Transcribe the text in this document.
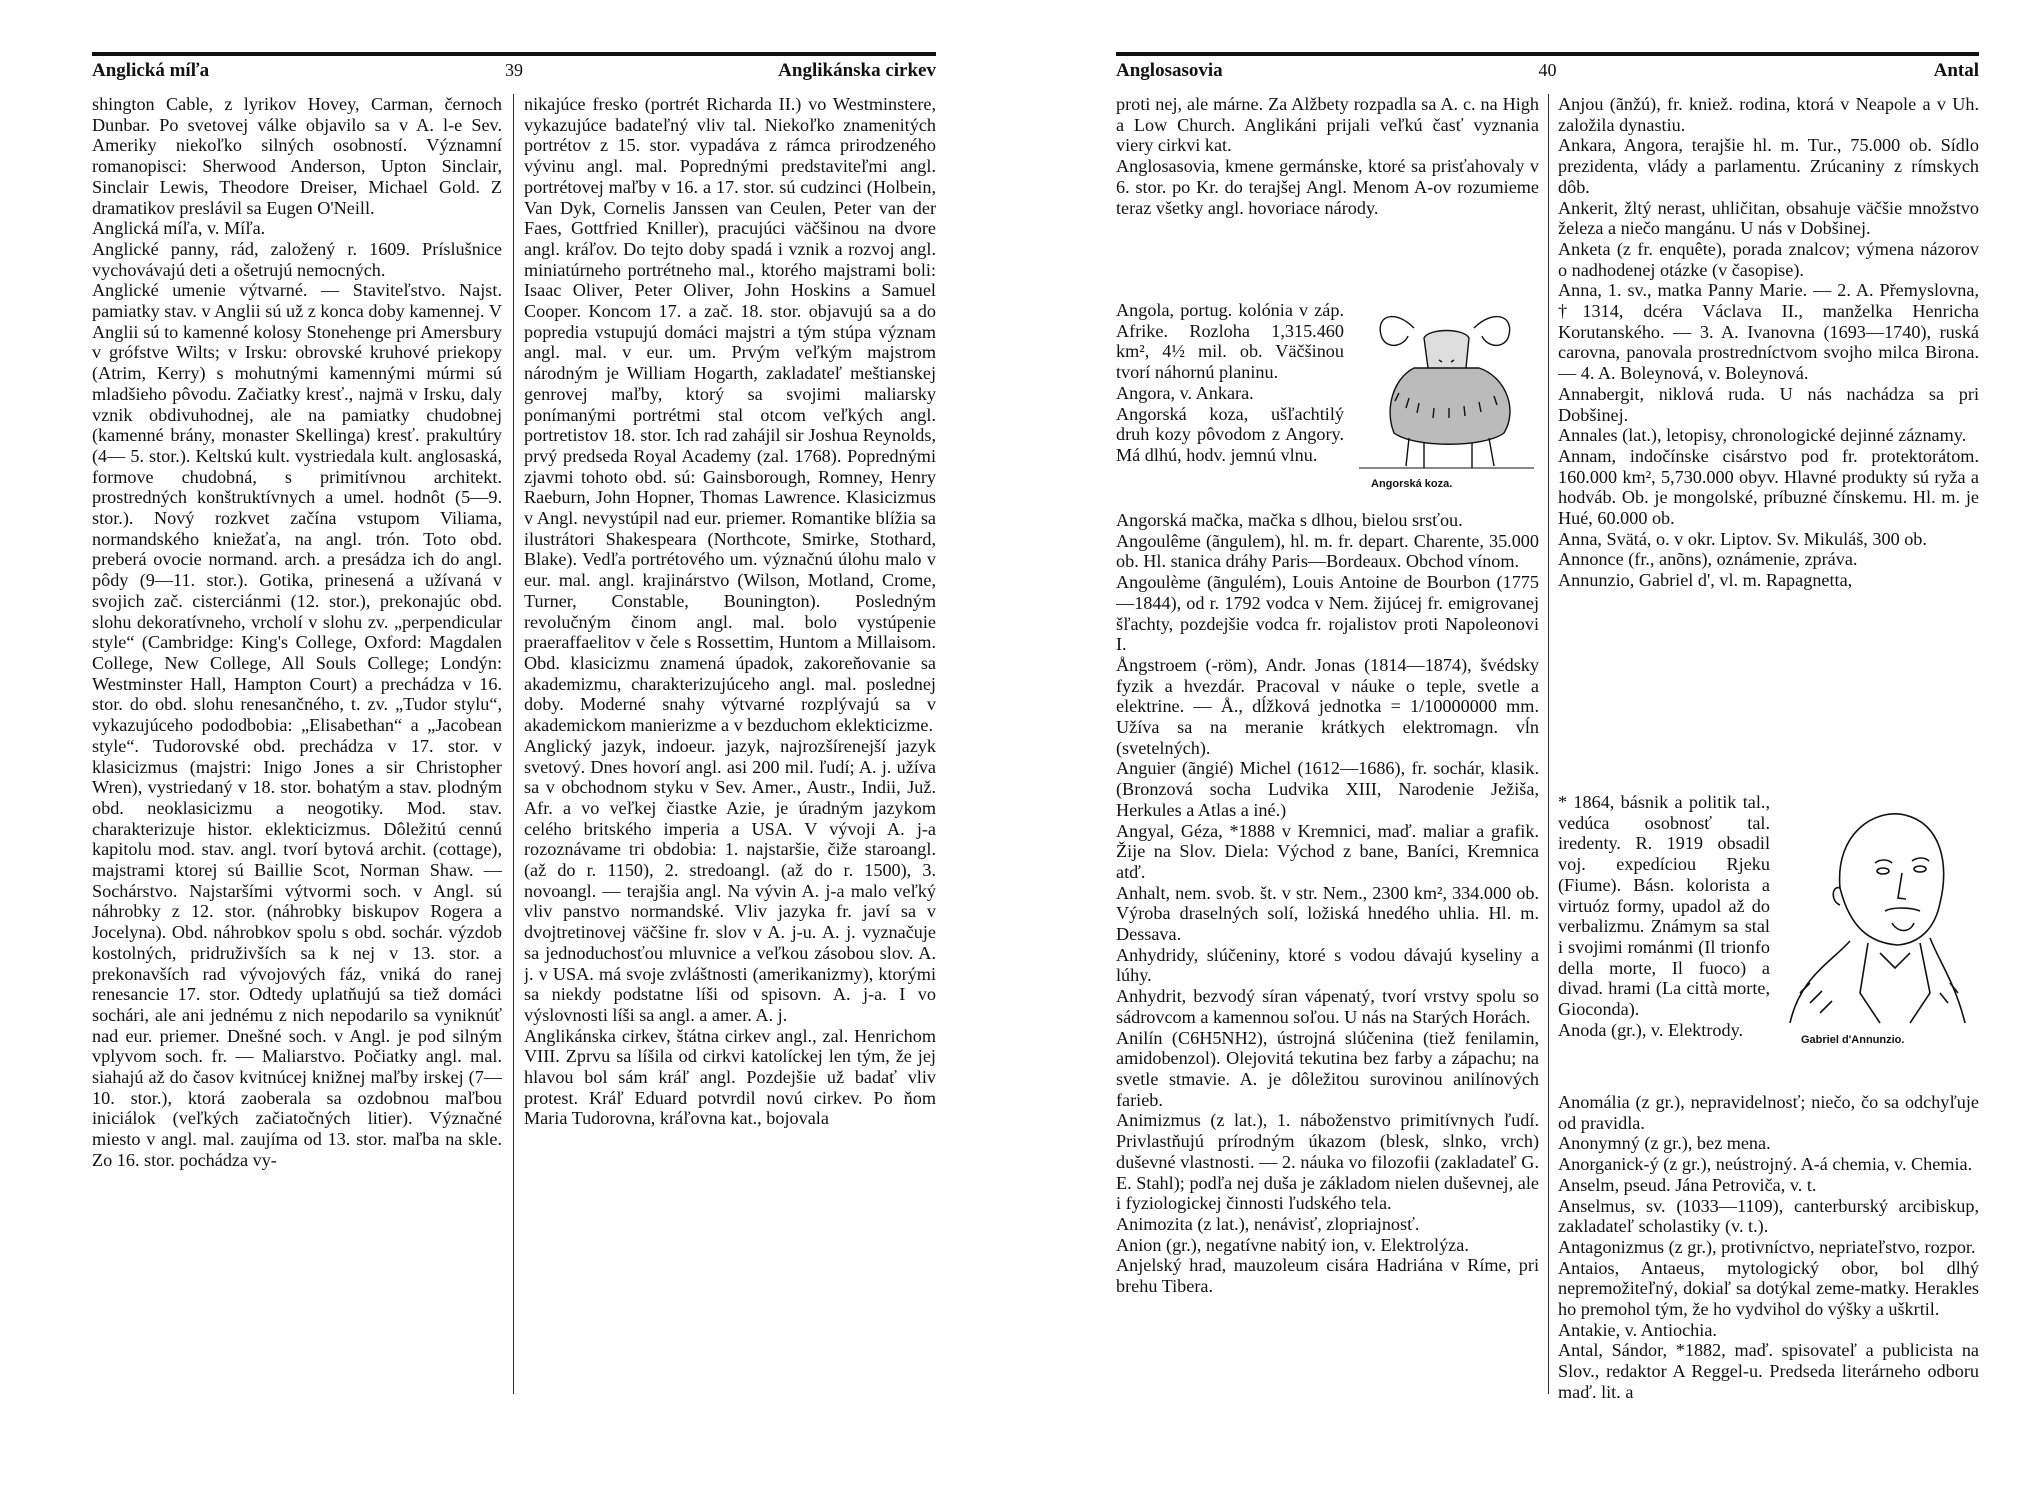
Anglická míľa	39	Anglikánska cirkev
shington Cable, z lyrikov Hovey, Carman, černoch Dunbar. Po svetovej válke objavilo sa v A. l-e Sev. Ameriky niekoľko silných osobností. Významní romanopisci: Sherwood Anderson, Upton Sinclair, Sinclair Lewis, Theodore Dreiser, Michael Gold. Z dramatikov preslávil sa Eugen O'Neill.
Anglická míľa, v. Míľa.
Anglické panny, rád, založený r. 1609. Príslušnice vychovávajú deti a ošetrujú nemocných.
Anglické umenie výtvarné. — Staviteľstvo. Najst. pamiatky stav. v Anglii sú už z konca doby kamennej. V Anglii sú to kamenné kolosy Stonehenge pri Amersbury v grófstve Wilts; v Irsku: obrovské kruhové priekopy (Atrim, Kerry) s mohutnými kamennými múrmi sú mladšieho pôvodu. Začiatky kresť., najmä v Irsku, daly vznik obdivuhodnej, ale na pamiatky chudobnej (kamenné brány, monaster Skellinga) kresť. prakultúry (4— 5. stor.). Keltskú kult. vystriedala kult. anglosaská, formove chudobná, s primitívnou architekt. prostredných konštruktívnych a umel. hodnôt (5—9. stor.). Nový rozkvet začína vstupom Viliama, normandského kniežaťa, na angl. trón. Toto obd. preberá ovocie normand. arch. a presádza ich do angl. pôdy (9—11. stor.). Gotika, prinesená a užívaná v svojich zač. cisterciánmi (12. stor.), prekonajúc obd. slohu dekoratívneho, vrcholí v slohu zv. „perpendicular style“ (Cambridge: King's College, Oxford: Magdalen College, New College, All Souls College; Londýn: Westminster Hall, Hampton Court) a prechádza v 16. stor. do obd. slohu renesančného, t. zv. „Tudor stylu“, vykazujúceho pododbobia: „Elisabethan“ a „Jacobean style“. Tudorovské obd. prechádza v 17. stor. v klasicizmus (majstri: Inigo Jones a sir Christopher Wren), vystriedaný v 18. stor. bohatým a stav. plodným obd. neoklasicizmu a neogotiky. Mod. stav. charakterizuje histor. eklekticizmus. Dôležitú cennú kapitolu mod. stav. angl. tvorí bytová archit. (cottage), majstrami ktorej sú Baillie Scot, Norman Shaw. — Sochárstvo. Najstaršími výtvormi soch. v Angl. sú náhrobky z 12. stor. (náhrobky biskupov Rogera a Jocelyna). Obd. náhrobkov spolu s obd. sochár. výzdob kostolných, pridruživších sa k nej v 13. stor. a prekonavších rad vývojových fáz, vniká do ranej renesancie 17. stor. Odtedy uplatňujú sa tiež domáci sochári, ale ani jednému z nich nepodarilo sa vyniknúť nad eur. priemer. Dnešné soch. v Angl. je pod silným vplyvom soch. fr. — Maliarstvo. Počiatky angl. mal. siahajú až do časov kvitnúcej knižnej maľby irskej (7—10. stor.), ktorá zaoberala sa ozdobnou maľbou iniciálok (veľkých začiatočných litier). Význačné miesto v angl. mal. zaujíma od 13. stor. maľba na skle. Zo 16. stor. pochádza vy-
nikajúce fresko (portrét Richarda II.) vo Westminstere, vykazujúce badateľný vliv tal. Niekoľko znamenitých portrétov z 15. stor. vypadáva z rámca prirodzeného vývinu angl. mal. Poprednými predstaviteľmi angl. portrétovej maľby v 16. a 17. stor. sú cudzinci (Holbein, Van Dyk, Cornelis Janssen van Ceulen, Peter van der Faes, Gottfried Kniller), pracujúci väčšinou na dvore angl. kráľov. Do tejto doby spadá i vznik a rozvoj angl. miniatúrneho portrétneho mal., ktorého majstrami boli: Isaac Oliver, Peter Oliver, John Hoskins a Samuel Cooper. Koncom 17. a zač. 18. stor. objavujú sa a do popredia vstupujú domáci majstri a tým stúpa význam angl. mal. v eur. um. Prvým veľkým majstrom národným je William Hogarth, zakladateľ meštianskej genrovej maľby, ktorý sa svojimi maliarsky ponímanými portrétmi stal otcom veľkých angl. portretistov 18. stor. Ich rad zahájil sir Joshua Reynolds, prvý predseda Royal Academy (zal. 1768). Poprednými zjavmi tohoto obd. sú: Gainsborough, Romney, Henry Raeburn, John Hopner, Thomas Lawrence. Klasicizmus v Angl. nevystúpil nad eur. priemer. Romantike blížia sa ilustrátori Shakespeara (Northcote, Smirke, Stothard, Blake). Vedľa portrétového um. význačnú úlohu malo v eur. mal. angl. krajinárstvo (Wilson, Motland, Crome, Turner, Constable, Bounington). Posledným revolučným činom angl. mal. bolo vystúpenie praeraffaelitov v čele s Rossettim, Huntom a Millaisom. Obd. klasicizmu znamená úpadok, zakoreňovanie sa akademizmu, charakterizujúceho angl. mal. poslednej doby. Moderné snahy výtvarné rozplývajú sa v akademickom manierizme a v bezduchom eklekticizme.
Anglický jazyk, indoeur. jazyk, najrozšírenejší jazyk svetový. Dnes hovorí angl. asi 200 mil. ľudí; A. j. užíva sa v obchodnom styku v Sev. Amer., Austr., Indii, Juž. Afr. a vo veľkej čiastke Azie, je úradným jazykom celého britského imperia a USA. V vývoji A. j-a rozoznávame tri obdobia: 1. najstaršie, čiže staroangl. (až do r. 1150), 2. stredoangl. (až do r. 1500), 3. novoangl. — terajšia angl. Na vývin A. j-a malo veľký vliv panstvo normandské. Vliv jazyka fr. javí sa v dvojtretinovej väčšine fr. slov v A. j-u. A. j. vyznačuje sa jednoduchosťou mluvnice a veľkou zásobou slov. A. j. v USA. má svoje zvláštnosti (amerikanizmy), ktorými sa niekdy podstatne líši od spisovn. A. j-a. I vo výslovnosti líši sa angl. a amer. A. j.
Anglikánska cirkev, štátna cirkev angl., zal. Henrichom VIII. Zprvu sa líšila od cirkvi katolíckej len tým, že jej hlavou bol sám kráľ angl. Pozdejšie už badať vliv protest. Kráľ Eduard potvrdil novú cirkev. Po ňom Maria Tudorovna, kráľovna kat., bojovala
Anglosasovia	40	Antal
proti nej, ale márne. Za Alžbety rozpadla sa A. c. na High a Low Church. Anglikáni prijali veľkú časť vyznania viery cirkvi kat.
Anglosasovia, kmene germánske, ktoré sa prisťahovaly v 6. stor. po Kr. do terajšej Angl. Menom A-ov rozumieme teraz všetky angl. hovoriace národy.
Angola, portug. kolónia v záp. Afrike. Rozloha 1,315.460 km², 4½ mil. ob. Väčšinou tvorí náhornú planinu.
Angora, v. Ankara.
Angorská koza, ušľachtilý druh kozy pôvodom z Angory. Má dlhú, hodv. jemnú vlnu.
Angorská koza.
Angorská mačka, mačka s dlhou, bielou srsťou.
Angoulême (ãngulem), hl. m. fr. depart. Charente, 35.000 ob. Hl. stanica dráhy Paris—Bordeaux. Obchod vínom.
Angoulème (ãngulém), Louis Antoine de Bourbon (1775—1844), od r. 1792 vodca v Nem. žijúcej fr. emigrovanej šľachty, pozdejšie vodca fr. rojalistov proti Napoleonovi I.
Ångstroem (-röm), Andr. Jonas (1814—1874), švédsky fyzik a hvezdár. Pracoval v náuke o teple, svetle a elektrine. — Å., dĺžková jednotka = 1/10000000 mm. Užíva sa na meranie krátkych elektromagn. vĺn (svetelných).
Anguier (ãngié) Michel (1612—1686), fr. sochár, klasik. (Bronzová socha Ludvika XIII, Narodenie Ježiša, Herkules a Atlas a iné.)
Angyal, Géza, *1888 v Kremnici, maď. maliar a grafik. Žije na Slov. Diela: Východ z bane, Baníci, Kremnica atď.
Anhalt, nem. svob. št. v str. Nem., 2300 km², 334.000 ob. Výroba draselných solí, ložiská hnedého uhlia. Hl. m. Dessava.
Anhydridy, slúčeniny, ktoré s vodou dávajú kyseliny a lúhy.
Anhydrit, bezvodý síran vápenatý, tvorí vrstvy spolu so sádrovcom a kamennou soľou. U nás na Starých Horách.
Anilín (C6H5NH2), ústrojná slúčenina (tiež fenilamin, amidobenzol). Olejovitá tekutina bez farby a zápachu; na svetle stmavie. A. je dôležitou surovinou anilínových farieb.
Animizmus (z lat.), 1. náboženstvo primitívnych ľudí. Privlastňujú prírodným úkazom (blesk, slnko, vrch) duševné vlastnosti. — 2. náuka vo filozofii (zakladateľ G. E. Stahl); podľa nej duša je základom nielen duševnej, ale i fyziologickej činnosti ľudského tela.
Animozita (z lat.), nenávisť, zlopriajnosť.
Anion (gr.), negatívne nabitý ion, v. Elektrolýza.
Anjelský hrad, mauzoleum cisára Hadriána v Ríme, pri brehu Tibera.
Anjou (ãnžú), fr. kniež. rodina, ktorá v Neapole a v Uh. založila dynastiu.
Ankara, Angora, terajšie hl. m. Tur., 75.000 ob. Sídlo prezidenta, vlády a parlamentu. Zrúcaniny z rímskych dôb.
Ankerit, žltý nerast, uhličitan, obsahuje väčšie množstvo železa a niečo mangánu. U nás v Dobšinej.
Anketa (z fr. enquête), porada znalcov; výmena názorov o nadhodenej otázke (v časopise).
Anna, 1. sv., matka Panny Marie. — 2. A. Přemyslovna, †1314, dcéra Václava II., manželka Henricha Korutanského. — 3. A. Ivanovna (1693—1740), ruská carovna, panovala prostredníctvom svojho milca Birona. — 4. A. Boleynová, v. Boleynová.
Annabergit, niklová ruda. U nás nachádza sa pri Dobšinej.
Annales (lat.), letopisy, chronologické dejinné záznamy.
Annam, indočínske cisárstvo pod fr. protektorátom. 160.000 km², 5,730.000 obyv. Hlavné produkty sú ryža a hodváb. Ob. je mongolské, príbuzné čínskemu. Hl. m. je Hué, 60.000 ob.
Anna, Svätá, o. v okr. Liptov. Sv. Mikuláš, 300 ob.
Annonce (fr., anõns), oznámenie, zpráva.
Annunzio, Gabriel d', vl. m. Rapagnetta,
* 1864, básnik a politik tal., vedúca osobnosť tal. iredenty. R. 1919 obsadil voj. expedíciou Rjeku (Fiume). Básn. koloristа a virtuóz formy, upadol až do verbalizmu. Známym sa stal i svojimi románmi (Il trionfo della morte, Il fuoco) a divad. hrami (La città morte, Gioconda).
Anoda (gr.), v. Elektrody.
Gabriel d'Annunzio.
Anomália (z gr.), nepravidelnosť; niečo, čo sa odchyľuje od pravidla.
Anonymný (z gr.), bez mena.
Anorganick-ý (z gr.), neústrojný. A-á chemia, v. Chemia.
Anselm, pseud. Jána Petroviča, v. t.
Anselmus, sv. (1033—1109), canterburský arcibiskup, zakladateľ scholastiky (v. t.).
Antagonizmus (z gr.), protivníctvo, nepriateľstvo, rozpor.
Antaios, Antaeus, mytologický obor, bol dlhý nepremožiteľný, dokiaľ sa dotýkal zeme-matky. Herakles ho premohol tým, že ho vydvihol do výšky a uškrtil.
Antakie, v. Antiochia.
Antal, Sándor, *1882, maď. spisovateľ a publicista na Slov., redaktor A Reggel-u. Predseda literárneho odboru maď. lit. a
